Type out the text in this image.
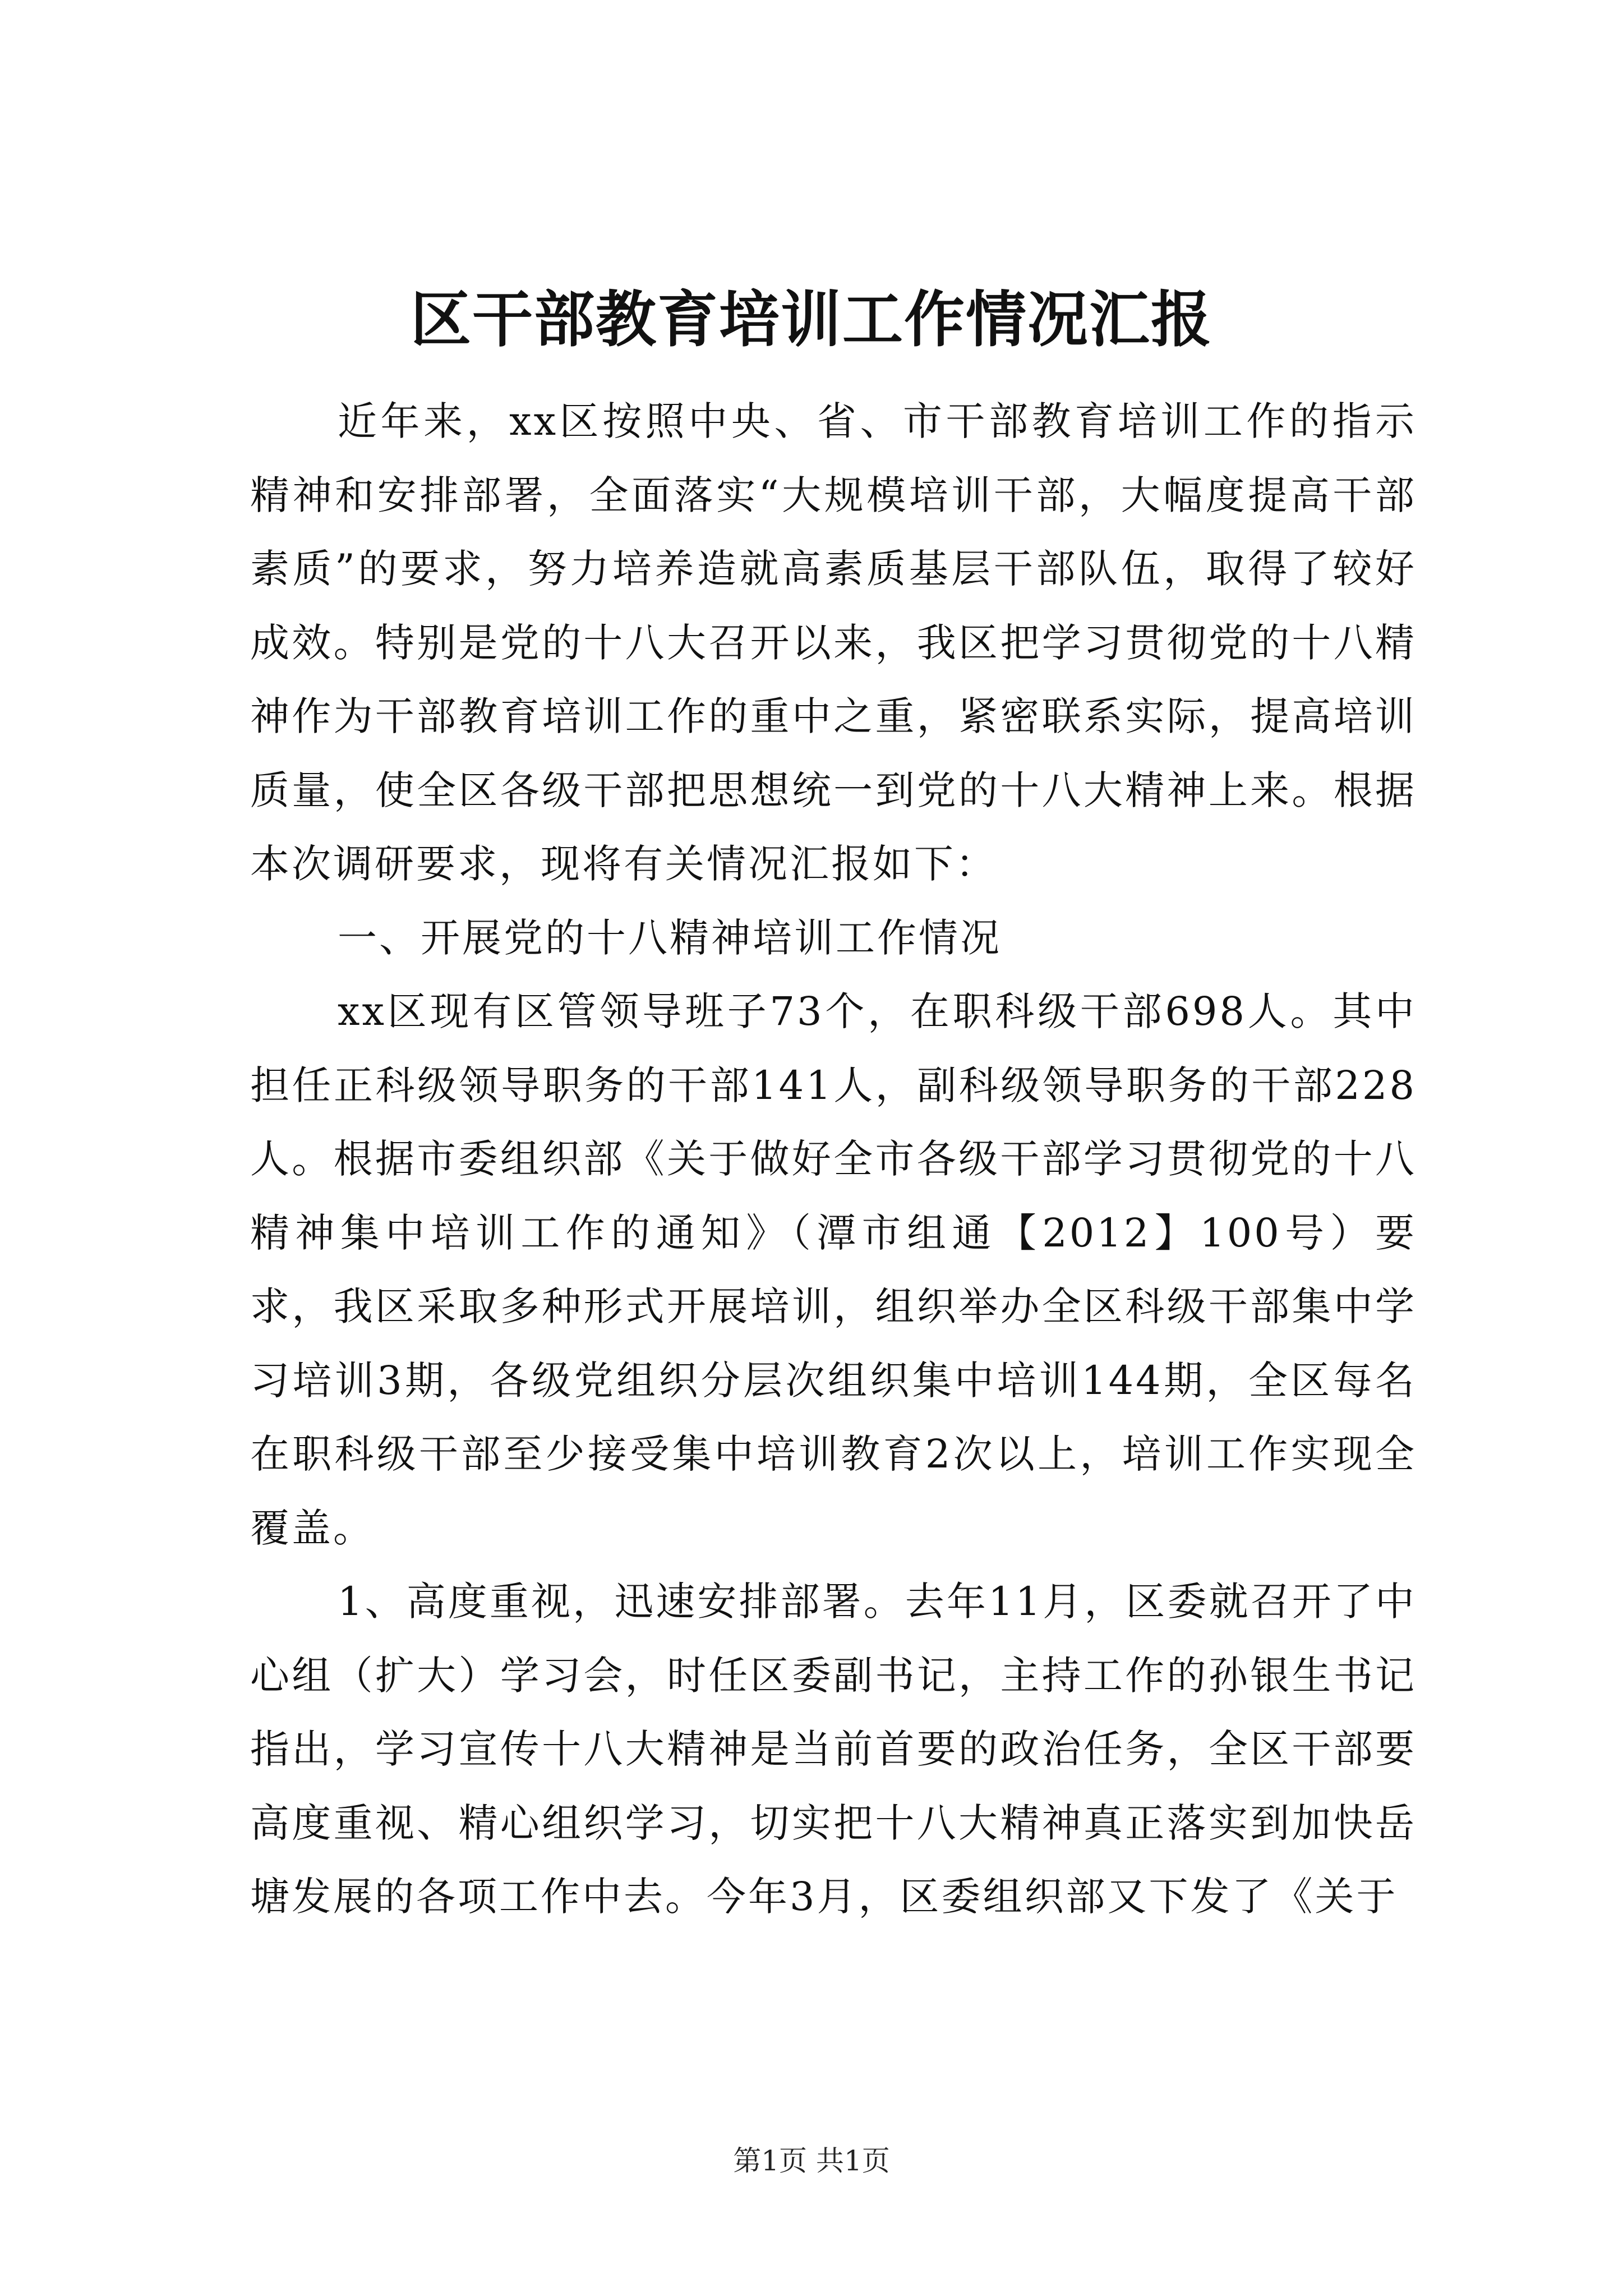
区干部教育培训工作情况汇报

近年来，xx区按照中央、省、市干部教育培训工作的指示精神和安排部署，全面落实“大规模培训干部，大幅度提高干部素质”的要求，努力培养造就高素质基层干部队伍，取得了较好成效。特别是党的十八大召开以来，我区把学习贯彻党的十八精神作为干部教育培训工作的重中之重，紧密联系实际，提高培训质量，使全区各级干部把思想统一到党的十八大精神上来。根据本次调研要求，现将有关情况汇报如下：

一、开展党的十八精神培训工作情况

xx区现有区管领导班子73个，在职科级干部698人。其中担任正科级领导职务的干部141人，副科级领导职务的干部228人。根据市委组织部《关于做好全市各级干部学习贯彻党的十八精神集中培训工作的通知》（潭市组通【2012】100号）要求，我区采取多种形式开展培训，组织举办全区科级干部集中学习培训3期，各级党组织分层次组织集中培训144期，全区每名在职科级干部至少接受集中培训教育2次以上，培训工作实现全覆盖。

1、高度重视，迅速安排部署。去年11月，区委就召开了中心组（扩大）学习会，时任区委副书记，主持工作的孙银生书记指出，学习宣传十八大精神是当前首要的政治任务，全区干部要高度重视、精心组织学习，切实把十八大精神真正落实到加快岳塘发展的各项工作中去。今年3月，区委组织部又下发了《关于

第1页 共1页
